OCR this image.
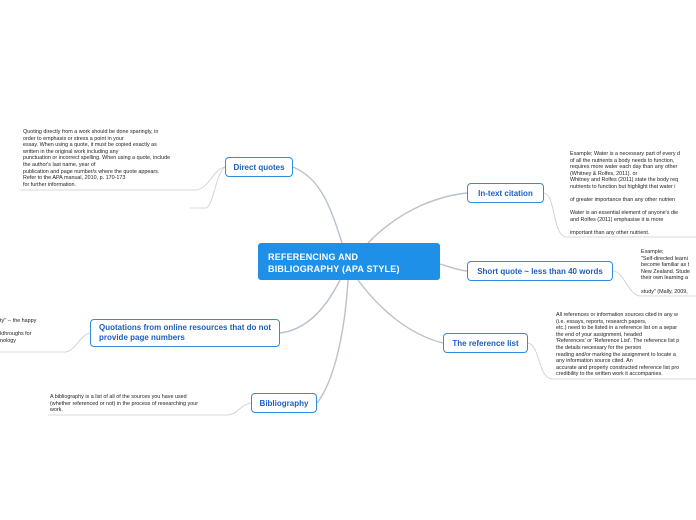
REFERENCING AND BIBLIOGRAPHY (APA STYLE)
Direct quotes
Quotations from online resources that do not provide page numbers
Bibliography
In-text citation
Short quote ~ less than 40 words
The reference list
Quoting directly from a work should be done sparingly, in
order to emphasis or stress a point in your
essay. When using a quote, it must be copied exactly as
written in the original work including any
punctuation or incorrect spelling. When using a quote, include
the author's last name, year of
publication and page number/s where the quote appears.
Refer to the APA manual, 2010, p. 170-173
for further information.
ty" -- the happy

kthroughs for
nology
A bibliography is a list of all of the sources you have used
(whether referenced or not) in the process of researching your
work.
Example; Water is a necessary part of every d
of all the nutrients a body needs to function,
requires more water each day than any other
(Whitney & Rolfes, 2011). or
Whitney and Rolfes (2011) state the body req
nutrients to function but highlight that water i

of greater importance than any other nutrien

Water is an essential element of anyone's die
and Rolfes (2011) emphasise it is more

important than any other nutrient.
Example;
"Self-directed learni
become familiar as t
New Zealand. Stude
their own learning a

study" (Mally, 2009,
All references or information sources cited in any w
(i.e. essays, reports, research papers,
etc.) need to be listed in a reference list on a separ
the end of your assignment, headed
'References' or 'Reference List'. The reference list p
the details necessary for the person
reading and/or marking the assignment to locate a
any information source cited. An
accurate and properly constructed reference list pro
credibility to the written work it accompanies.
